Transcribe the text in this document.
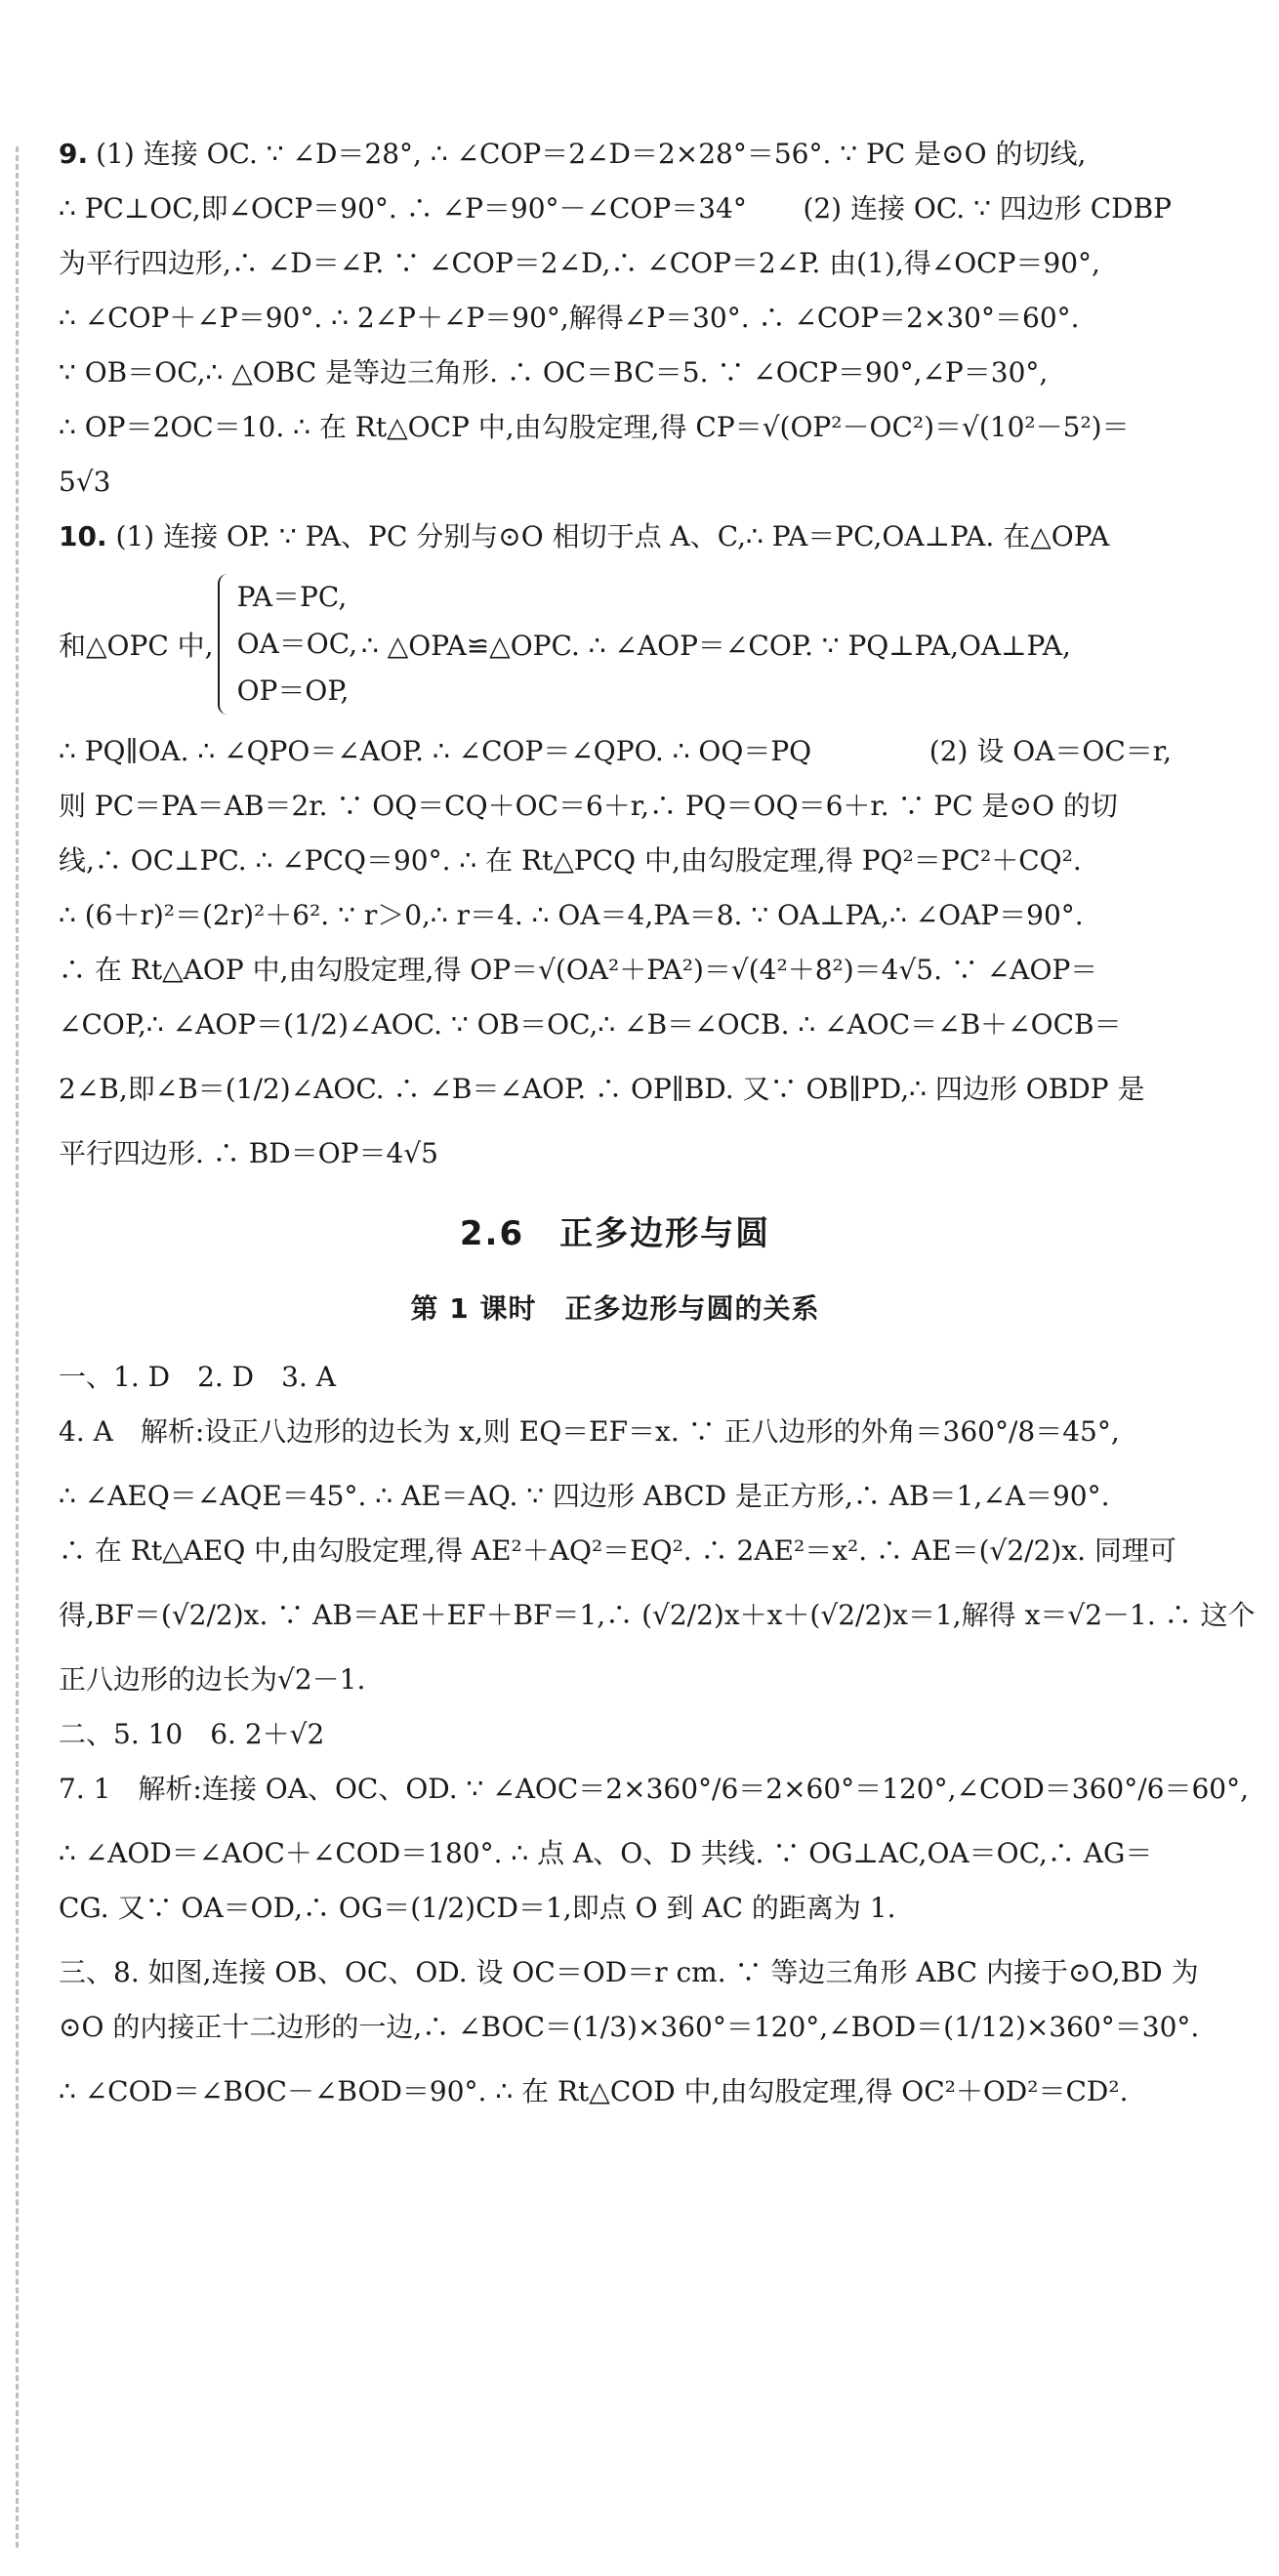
9. (1) 连接 OC. ∵ ∠D＝28°, ∴ ∠COP＝2∠D＝2×28°＝56°. ∵ PC 是⊙O 的切线,
∴ PC⊥OC,即∠OCP＝90°. ∴ ∠P＝90°－∠COP＝34° (2) 连接 OC. ∵ 四边形 CDBP
为平行四边形,∴ ∠D＝∠P. ∵ ∠COP＝2∠D,∴ ∠COP＝2∠P. 由(1),得∠OCP＝90°,
∴ ∠COP＋∠P＝90°. ∴ 2∠P＋∠P＝90°,解得∠P＝30°. ∴ ∠COP＝2×30°＝60°.
∵ OB＝OC,∴ △OBC 是等边三角形. ∴ OC＝BC＝5. ∵ ∠OCP＝90°,∠P＝30°,
∴ OP＝2OC＝10. ∴ 在 Rt△OCP 中,由勾股定理,得 CP＝√(OP²－OC²)＝√(10²－5²)＝
5√3
10. (1) 连接 OP. ∵ PA、PC 分别与⊙O 相切于点 A、C,∴ PA＝PC,OA⊥PA. 在△OPA
和△OPC 中,
PA＝PC,
OA＝OC,
OP＝OP,
∴ △OPA≌△OPC. ∴ ∠AOP＝∠COP. ∵ PQ⊥PA,OA⊥PA,
∴ PQ∥OA. ∴ ∠QPO＝∠AOP. ∴ ∠COP＝∠QPO. ∴ OQ＝PQ	(2) 设 OA＝OC＝r,
则 PC＝PA＝AB＝2r. ∵ OQ＝CQ＋OC＝6＋r,∴ PQ＝OQ＝6＋r. ∵ PC 是⊙O 的切
线,∴ OC⊥PC. ∴ ∠PCQ＝90°. ∴ 在 Rt△PCQ 中,由勾股定理,得 PQ²＝PC²＋CQ².
∴ (6＋r)²＝(2r)²＋6². ∵ r＞0,∴ r＝4. ∴ OA＝4,PA＝8. ∵ OA⊥PA,∴ ∠OAP＝90°.
∴ 在 Rt△AOP 中,由勾股定理,得 OP＝√(OA²＋PA²)＝√(4²＋8²)＝4√5. ∵ ∠AOP＝
∠COP,∴ ∠AOP＝(1/2)∠AOC. ∵ OB＝OC,∴ ∠B＝∠OCB. ∴ ∠AOC＝∠B＋∠OCB＝
2∠B,即∠B＝(1/2)∠AOC. ∴ ∠B＝∠AOP. ∴ OP∥BD. 又∵ OB∥PD,∴ 四边形 OBDP 是
平行四边形. ∴ BD＝OP＝4√5
2.6　正多边形与圆
第 1 课时　正多边形与圆的关系
一、1. D　2. D　3. A
4. A　解析:设正八边形的边长为 x,则 EQ＝EF＝x. ∵ 正八边形的外角＝360°/8＝45°,
∴ ∠AEQ＝∠AQE＝45°. ∴ AE＝AQ. ∵ 四边形 ABCD 是正方形,∴ AB＝1,∠A＝90°.
∴ 在 Rt△AEQ 中,由勾股定理,得 AE²＋AQ²＝EQ². ∴ 2AE²＝x². ∴ AE＝(√2/2)x. 同理可
得,BF＝(√2/2)x. ∵ AB＝AE＋EF＋BF＝1,∴ (√2/2)x＋x＋(√2/2)x＝1,解得 x＝√2－1. ∴ 这个
正八边形的边长为√2－1.
二、5. 10　6. 2＋√2
7. 1　解析:连接 OA、OC、OD. ∵ ∠AOC＝2×360°/6＝2×60°＝120°,∠COD＝360°/6＝60°,
∴ ∠AOD＝∠AOC＋∠COD＝180°. ∴ 点 A、O、D 共线. ∵ OG⊥AC,OA＝OC,∴ AG＝
CG. 又∵ OA＝OD,∴ OG＝(1/2)CD＝1,即点 O 到 AC 的距离为 1.
三、8. 如图,连接 OB、OC、OD. 设 OC＝OD＝r cm. ∵ 等边三角形 ABC 内接于⊙O,BD 为
⊙O 的内接正十二边形的一边,∴ ∠BOC＝(1/3)×360°＝120°,∠BOD＝(1/12)×360°＝30°.
∴ ∠COD＝∠BOC－∠BOD＝90°. ∴ 在 Rt△COD 中,由勾股定理,得 OC²＋OD²＝CD².
